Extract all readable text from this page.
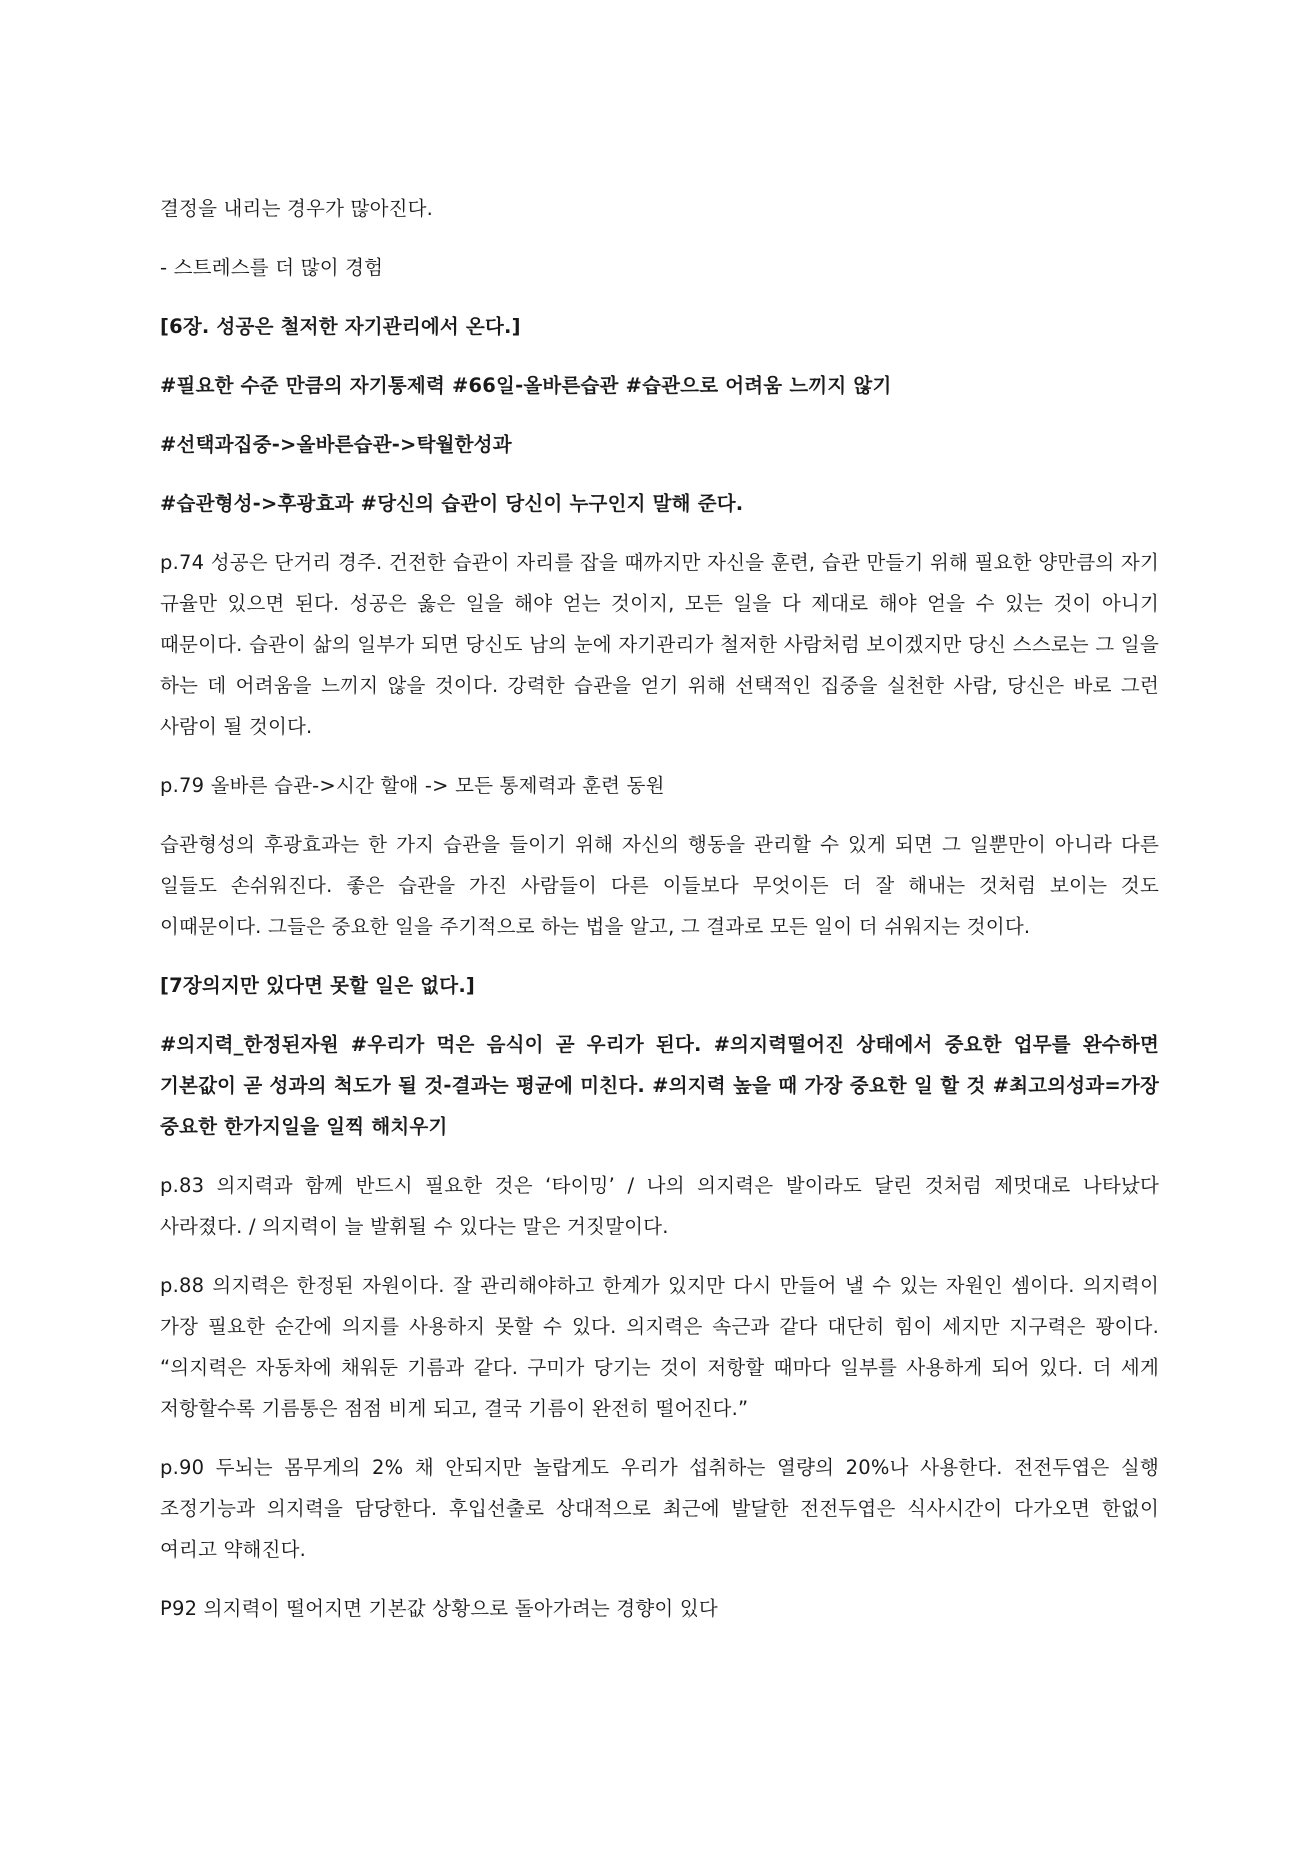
결정을 내리는 경우가 많아진다.

- 스트레스를 더 많이 경험

[6장. 성공은 철저한 자기관리에서 온다.]

#필요한 수준 만큼의 자기통제력 #66일-올바른습관 #습관으로 어려움 느끼지 않기

#선택과집중->올바른습관->탁월한성과

#습관형성->후광효과 #당신의 습관이 당신이 누구인지 말해 준다.

p.74 성공은 단거리 경주. 건전한 습관이 자리를 잡을 때까지만 자신을 훈련, 습관 만들기 위해 필요한 양만큼의 자기 규율만 있으면 된다. 성공은 옳은 일을 해야 얻는 것이지, 모든 일을 다 제대로 해야 얻을 수 있는 것이 아니기 때문이다. 습관이 삶의 일부가 되면 당신도 남의 눈에 자기관리가 철저한 사람처럼 보이겠지만 당신 스스로는 그 일을 하는 데 어려움을 느끼지 않을 것이다. 강력한 습관을 얻기 위해 선택적인 집중을 실천한 사람, 당신은 바로 그런 사람이 될 것이다.

p.79 올바른 습관->시간 할애 -> 모든 통제력과 훈련 동원

습관형성의 후광효과는 한 가지 습관을 들이기 위해 자신의 행동을 관리할 수 있게 되면 그 일뿐만이 아니라 다른 일들도 손쉬워진다. 좋은 습관을 가진 사람들이 다른 이들보다 무엇이든 더 잘 해내는 것처럼 보이는 것도 이때문이다. 그들은 중요한 일을 주기적으로 하는 법을 알고, 그 결과로 모든 일이 더 쉬워지는 것이다.

[7장의지만 있다면 못할 일은 없다.]

#의지력_한정된자원 #우리가 먹은 음식이 곧 우리가 된다. #의지력떨어진 상태에서 중요한 업무를 완수하면 기본값이 곧 성과의 척도가 될 것-결과는 평균에 미친다. #의지력 높을 때 가장 중요한 일 할 것 #최고의성과=가장 중요한 한가지일을 일찍 해치우기

p.83 의지력과 함께 반드시 필요한 것은 ‘타이밍’ / 나의 의지력은 발이라도 달린 것처럼 제멋대로 나타났다 사라졌다. / 의지력이 늘 발휘될 수 있다는 말은 거짓말이다.

p.88 의지력은 한정된 자원이다. 잘 관리해야하고 한계가 있지만 다시 만들어 낼 수 있는 자원인 셈이다. 의지력이 가장 필요한 순간에 의지를 사용하지 못할 수 있다. 의지력은 속근과 같다 대단히 힘이 세지만 지구력은 꽝이다. “의지력은 자동차에 채워둔 기름과 같다. 구미가 당기는 것이 저항할 때마다 일부를 사용하게 되어 있다. 더 세게 저항할수록 기름통은 점점 비게 되고, 결국 기름이 완전히 떨어진다.”

p.90 두뇌는 몸무게의 2% 채 안되지만 놀랍게도 우리가 섭취하는 열량의 20%나 사용한다. 전전두엽은 실행 조정기능과 의지력을 담당한다. 후입선출로 상대적으로 최근에 발달한 전전두엽은 식사시간이 다가오면 한없이 여리고 약해진다.

P92 의지력이 떨어지면 기본값 상황으로 돌아가려는 경향이 있다
